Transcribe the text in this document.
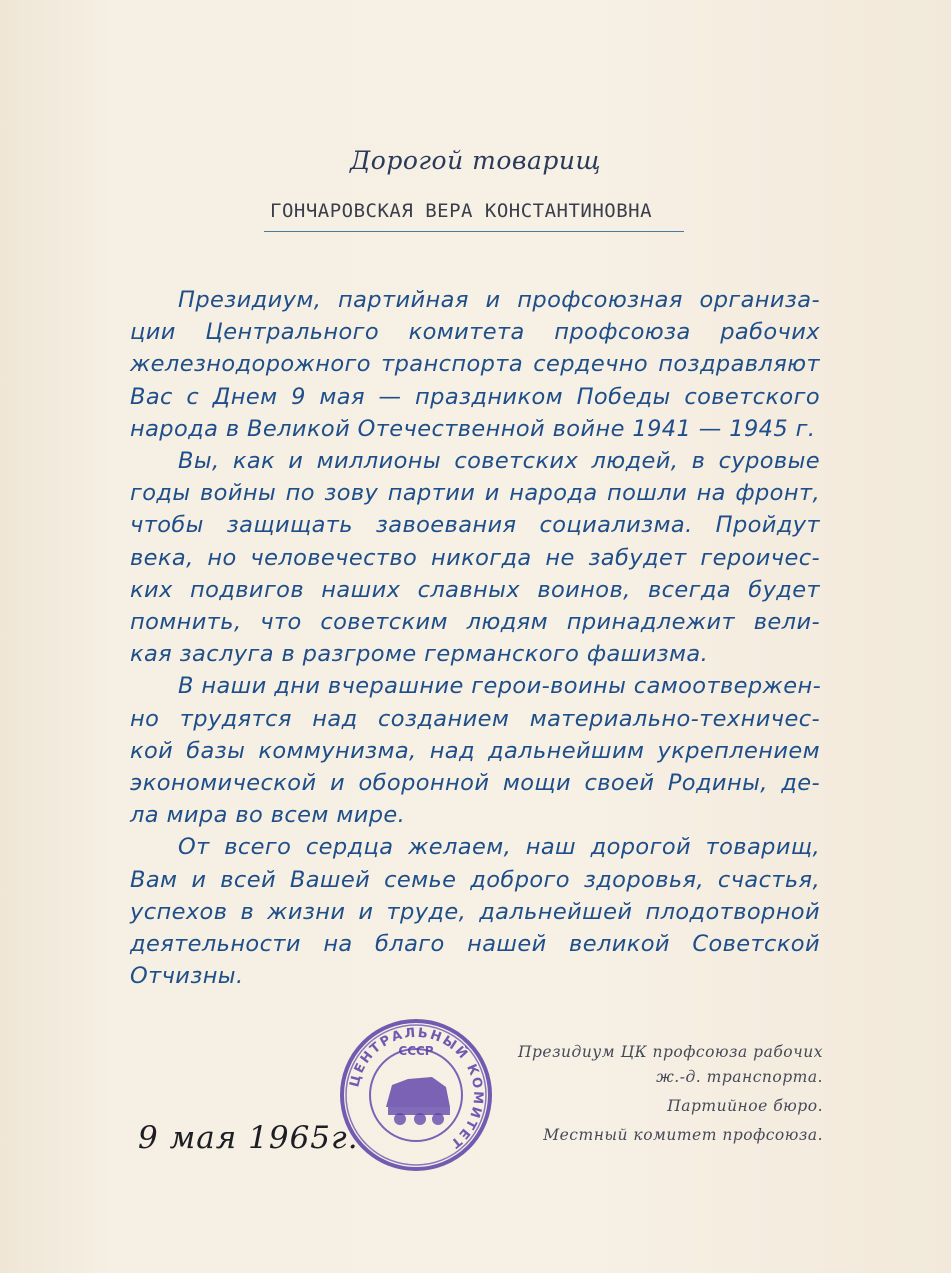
Дорогой товарищ
ГОНЧАРОВСКАЯ ВЕРА КОНСТАНТИНОВНА
Президиум, партийная и профсоюзная организа-
ции Центрального комитета профсоюза рабочих
железнодорожного транспорта сердечно поздравляют
Вас с Днем 9 мая — праздником Победы советского
народа в Великой Отечественной войне 1941 — 1945 г.
Вы, как и миллионы советских людей, в суровые
годы войны по зову партии и народа пошли на фронт,
чтобы защищать завоевания социализма. Пройдут
века, но человечество никогда не забудет героичес-
ких подвигов наших славных воинов, всегда будет
помнить, что советским людям принадлежит вели-
кая заслуга в разгроме германского фашизма.
В наши дни вчерашние герои-воины самоотвержен-
но трудятся над созданием материально-техничес-
кой базы коммунизма, над дальнейшим укреплением
экономической и оборонной мощи своей Родины, де-
ла мира во всем мире.
От всего сердца желаем, наш дорогой товарищ,
Вам и всей Вашей семье доброго здоровья, счастья,
успехов в жизни и труде, дальнейшей плодотворной
деятельности на благо нашей великой Советской
Отчизны.
ЦЕНТРАЛЬНЫЙ КОМИТЕТ
СССР	Президиум ЦК профсоюза рабочих
ж.-д. транспорта.
Партийное бюро.
Местный комитет профсоюза.
9 мая 1965г.
